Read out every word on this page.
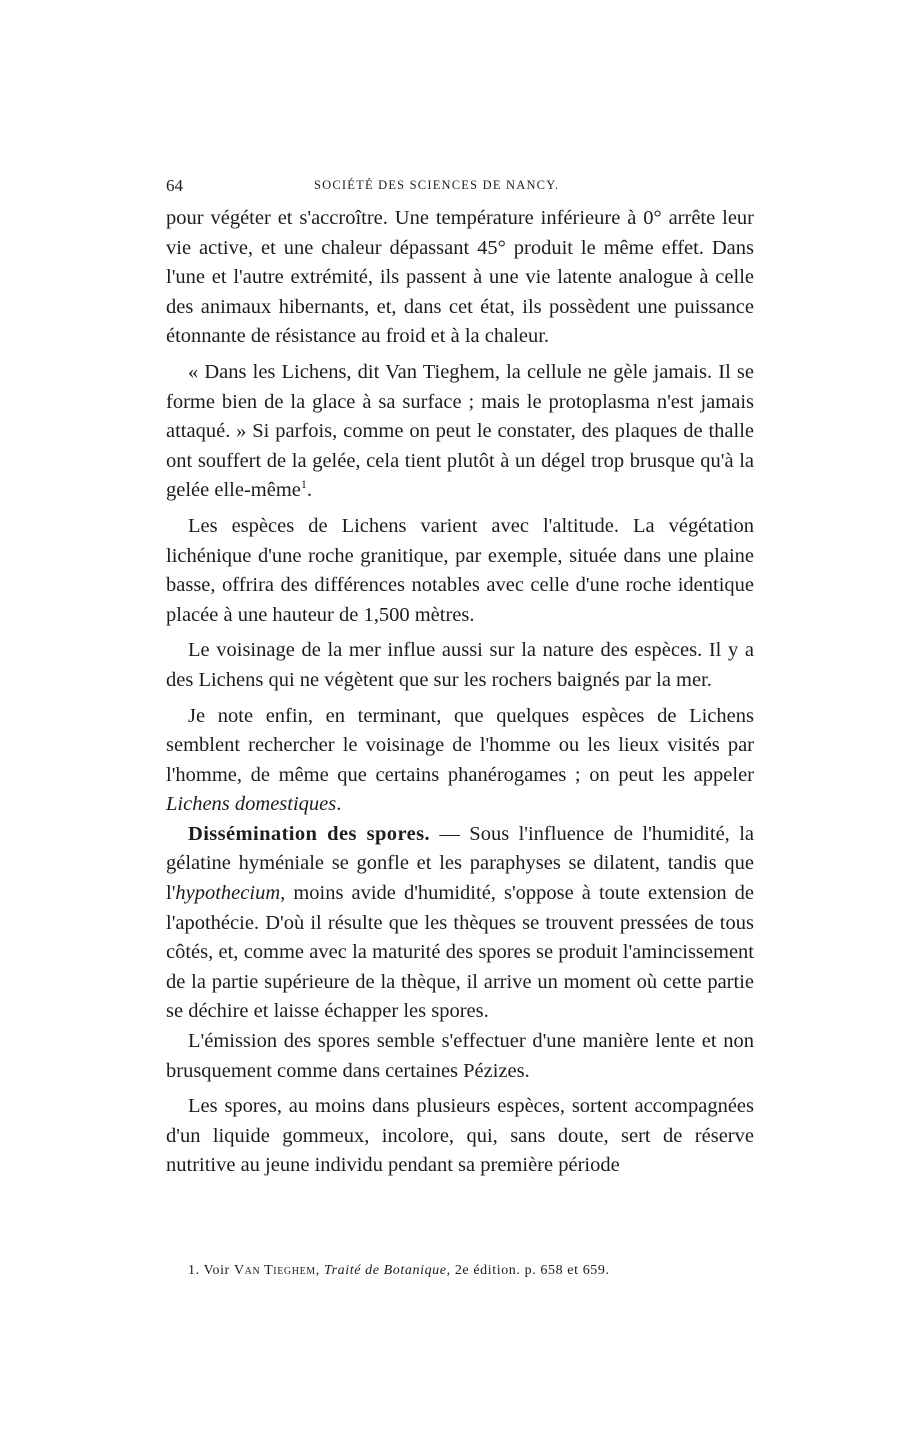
64	SOCIÉTÉ DES SCIENCES DE NANCY.

pour végéter et s'accroître. Une température inférieure à 0° arrête leur vie active, et une chaleur dépassant 45° produit le même effet. Dans l'une et l'autre extrémité, ils passent à une vie latente analogue à celle des animaux hibernants, et, dans cet état, ils possèdent une puissance étonnante de résistance au froid et à la chaleur.

« Dans les Lichens, dit Van Tieghem, la cellule ne gèle jamais. Il se forme bien de la glace à sa surface ; mais le protoplasma n'est jamais attaqué. » Si parfois, comme on peut le constater, des plaques de thalle ont souffert de la gelée, cela tient plutôt à un dégel trop brusque qu'à la gelée elle-même$^1$.

Les espèces de Lichens varient avec l'altitude. La végétation lichénique d'une roche granitique, par exemple, située dans une plaine basse, offrira des différences notables avec celle d'une roche identique placée à une hauteur de 1,500 mètres.

Le voisinage de la mer influe aussi sur la nature des espèces. Il y a des Lichens qui ne végètent que sur les rochers baignés par la mer.

Je note enfin, en terminant, que quelques espèces de Lichens semblent rechercher le voisinage de l'homme ou les lieux visités par l'homme, de même que certains phanérogames ; on peut les appeler Lichens domestiques.

Dissémination des spores. — Sous l'influence de l'humidité, la gélatine hyméniale se gonfle et les paraphyses se dilatent, tandis que l'hypothecium, moins avide d'humidité, s'oppose à toute extension de l'apothécie. D'où il résulte que les thèques se trouvent pressées de tous côtés, et, comme avec la maturité des spores se produit l'amincissement de la partie supérieure de la thèque, il arrive un moment où cette partie se déchire et laisse échapper les spores.

L'émission des spores semble s'effectuer d'une manière lente et non brusquement comme dans certaines Pézizes.

Les spores, au moins dans plusieurs espèces, sortent accompagnées d'un liquide gommeux, incolore, qui, sans doute, sert de réserve nutritive au jeune individu pendant sa première période

1. Voir Van Tieghem, Traité de Botanique, 2e édition. p. 658 et 659.
